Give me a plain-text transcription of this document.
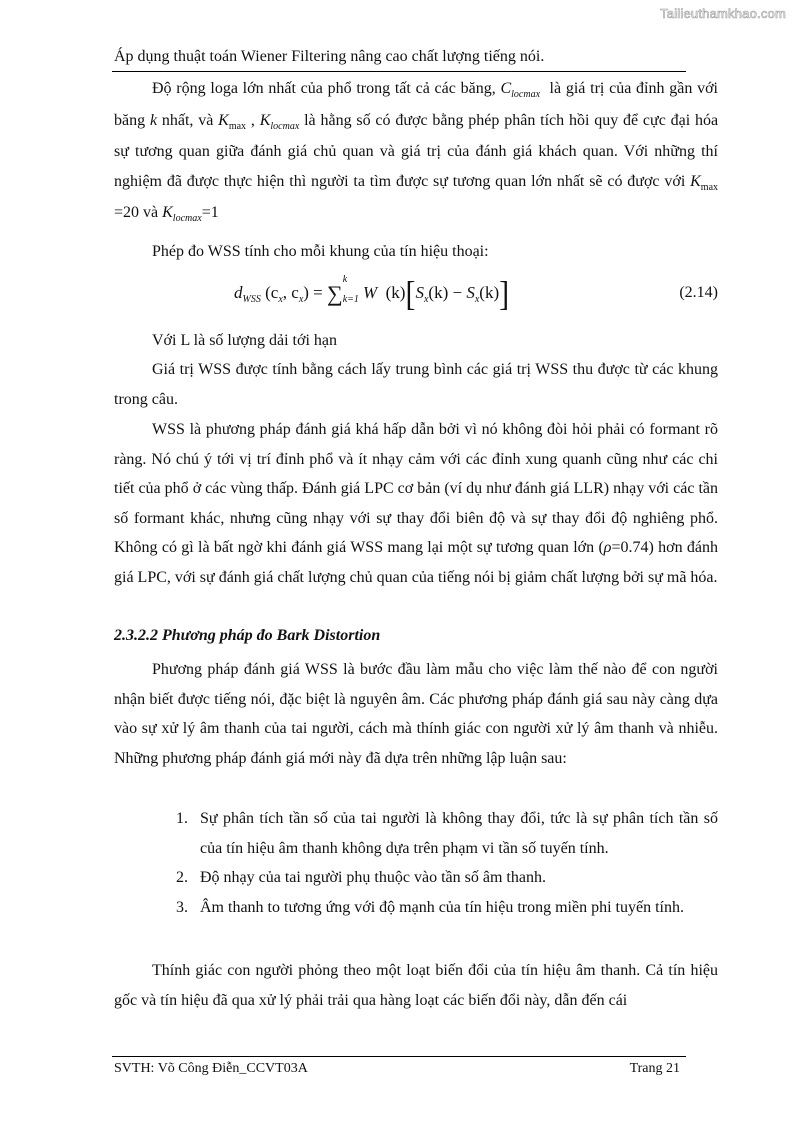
Tailieuthamkhao.com
Áp dụng thuật toán Wiener Filtering nâng cao chất lượng tiếng nói.

Độ rộng loga lớn nhất của phổ trong tất cả các băng, $C_{locmax}$ là giá trị của đỉnh gần với băng k nhất, và $K_{max}$ , $K_{locmax}$ là hằng số có được bằng phép phân tích hồi quy để cực đại hóa sự tương quan giữa đánh giá chủ quan và giá trị của đánh giá khách quan. Với những thí nghiệm đã được thực hiện thì người ta tìm được sự tương quan lớn nhất sẽ có được với $K_{max} =20$ và $K_{locmax}=1$

Phép đo WSS tính cho mỗi khung của tín hiệu thoại:

$d_{WSS}$ ($c_x$, $c_x$) = ∑
k
k=1 W $(k)[S_x(k) - S_x(k)]$	(2.14)

Với L là số lượng dải tới hạn

Giá trị WSS được tính bằng cách lấy trung bình các giá trị WSS thu được từ các khung trong câu.

WSS là phương pháp đánh giá khá hấp dẫn bởi vì nó không đòi hỏi phải có formant rõ ràng. Nó chú ý tới vị trí đỉnh phổ và ít nhạy cảm với các đỉnh xung quanh cũng như các chi tiết của phổ ở các vùng thấp. Đánh giá LPC cơ bản (ví dụ như đánh giá LLR) nhạy với các tần số formant khác, nhưng cũng nhạy với sự thay đổi biên độ và sự thay đổi độ nghiêng phổ. Không có gì là bất ngờ khi đánh giá WSS mang lại một sự tương quan lớn (ρ=0.74) hơn đánh giá LPC, với sự đánh giá chất lượng chủ quan của tiếng nói bị giảm chất lượng bởi sự mã hóa.

2.3.2.2 Phương pháp đo Bark Distortion

Phương pháp đánh giá WSS là bước đầu làm mẫu cho việc làm thế nào để con người nhận biết được tiếng nói, đặc biệt là nguyên âm. Các phương pháp đánh giá sau này càng dựa vào sự xử lý âm thanh của tai người, cách mà thính giác con người xử lý âm thanh và nhiễu. Những phương pháp đánh giá mới này đã dựa trên những lập luận sau:

1. Sự phân tích tần số của tai người là không thay đổi, tức là sự phân tích tần số của tín hiệu âm thanh không dựa trên phạm vi tần số tuyến tính.
2. Độ nhạy của tai người phụ thuộc vào tần số âm thanh.
3. Âm thanh to tương ứng với độ mạnh của tín hiệu trong miền phi tuyến tính.

Thính giác con người phỏng theo một loạt biến đổi của tín hiệu âm thanh. Cả tín hiệu gốc và tín hiệu đã qua xử lý phải trải qua hàng loạt các biến đổi này, dẫn đến cái

SVTH: Võ Công Điễn_CCVT03A	Trang 21
